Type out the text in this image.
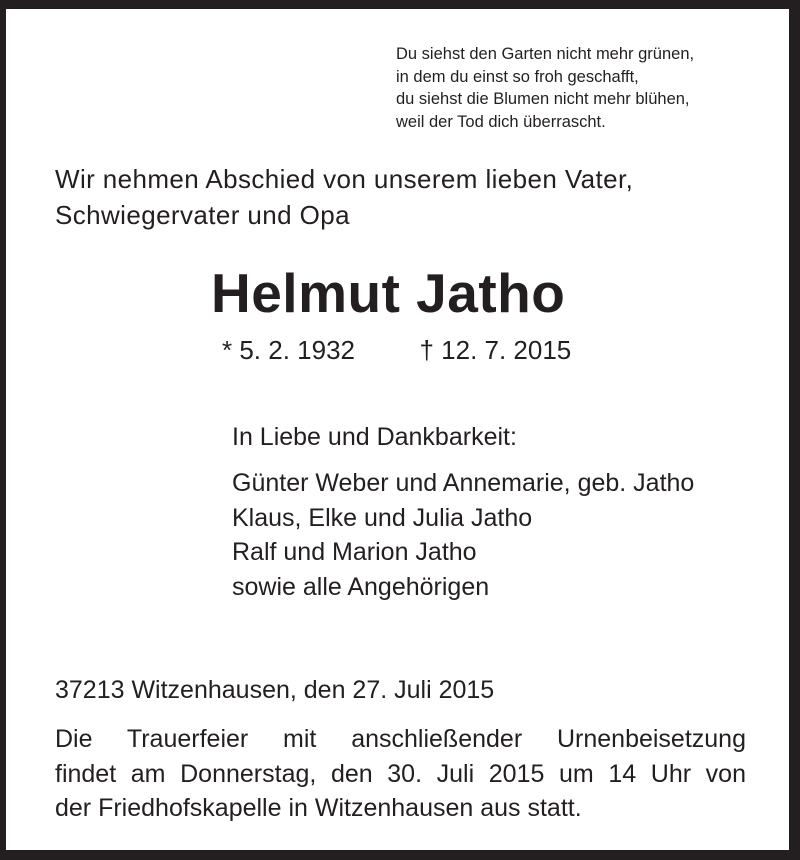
Du siehst den Garten nicht mehr grünen,
in dem du einst so froh geschafft,
du siehst die Blumen nicht mehr blühen,
weil der Tod dich überrascht.
Wir nehmen Abschied von unserem lieben Vater,
Schwiegervater und Opa
Helmut Jatho
* 5. 2. 1932 † 12. 7. 2015
In Liebe und Dankbarkeit:
Günter Weber und Annemarie, geb. Jatho
Klaus, Elke und Julia Jatho
Ralf und Marion Jatho
sowie alle Angehörigen
37213 Witzenhausen, den 27. Juli 2015
Die Trauerfeier mit anschließender Urnenbeisetzung
findet am Donnerstag, den 30. Juli 2015 um 14 Uhr von
der Friedhofskapelle in Witzenhausen aus statt.
